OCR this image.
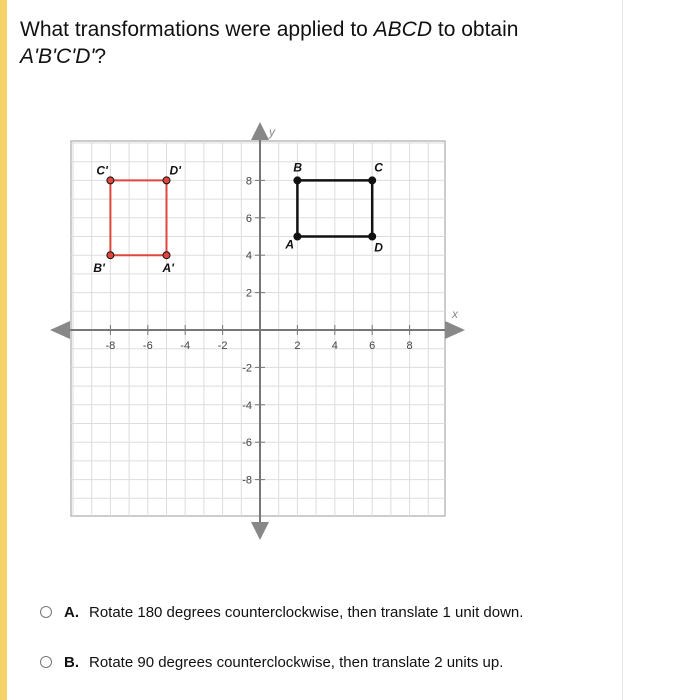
What transformations were applied to ABCD to obtain
A'B'C'D'?
x
y
-8	-6	-4	-2	2	4	6	8
8
6
4
2
-2
-4
-6
-8
A
B	C
D
A'
B'
C'	D'
A. Rotate 180 degrees counterclockwise, then translate 1 unit down.
B. Rotate 90 degrees counterclockwise, then translate 2 units up.
